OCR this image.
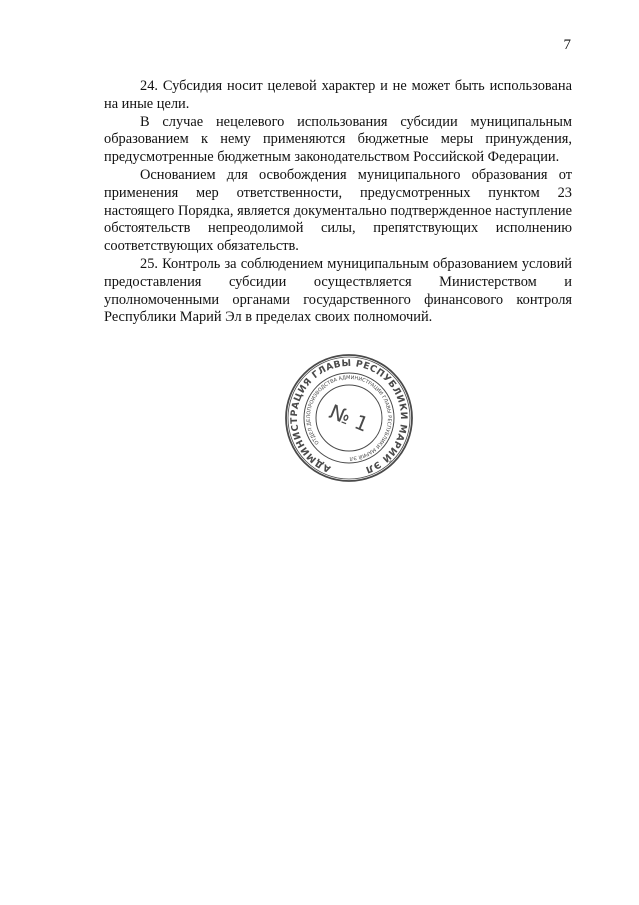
7

24. Субсидия носит целевой характер и не может быть использована на иные цели.

В случае нецелевого использования субсидии муниципальным образованием к нему применяются бюджетные меры принуждения, предусмотренные бюджетным законодательством Российской Федерации.

Основанием для освобождения муниципального образования от применения мер ответственности, предусмотренных пунктом 23 настоящего Порядка, является документально подтвержденное наступление обстоятельств непреодолимой силы, препятствующих исполнению соответствующих обязательств.

25. Контроль за соблюдением муниципальным образованием условий предоставления субсидии осуществляется Министерством и уполномоченными органами государственного финансового контроля Республики Марий Эл в пределах своих полномочий.

АДМИНИСТРАЦИЯ ГЛАВЫ РЕСПУБЛИКИ МАРИЙ ЭЛ
ОТДЕЛ ДЕЛОПРОИЗВОДСТВА АДМИНИСТРАЦИИ ГЛАВЫ РЕСПУБЛИКИ МАРИЙ ЭЛ
№ 1
